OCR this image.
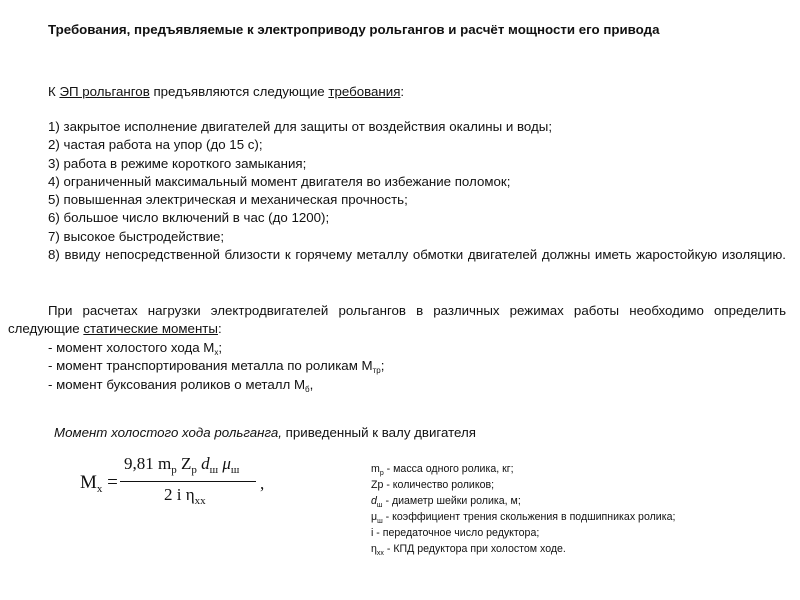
Требования, предъявляемые к электроприводу рольгангов и расчёт мощности его привода
К ЭП рольгангов предъявляются следующие требования:
1) закрытое исполнение двигателей для защиты от воздействия окалины и воды;
2) частая работа на упор (до 15 с);
3) работа в режиме короткого замыкания;
4) ограниченный максимальный момент двигателя во избежание поломок;
5) повышенная электрическая и механическая прочность;
6) большое число включений в час (до 1200);
7) высокое быстродействие;
8) ввиду непосредственной близости к горячему металлу обмотки двигателей должны иметь жаростойкую изоляцию.
При расчетах нагрузки электродвигателей рольгангов в различных режимах работы необходимо определить следующие статические моменты:
- момент холостого хода $М_х$;
- момент транспортирования металла по роликам $М_{тр}$;
- момент буксования роликов о металл $М_б$,
Момент холостого хода рольганга, приведенный к валу двигателя
$M_x$ =
9,81 $m_р$ $Z_р$ $d_ш$ $\mu_ш$
2 i $\eta_{хх}$
,
$m_р$ - масса одного ролика, кг;
Zр - количество роликов;
$d_ш$ - диаметр шейки ролика, м;
$\mu_ш$ - коэффициент трения скольжения в подшипниках ролика;
i - передаточное число редуктора;
$\eta_{хх}$ - КПД редуктора при холостом ходе.
